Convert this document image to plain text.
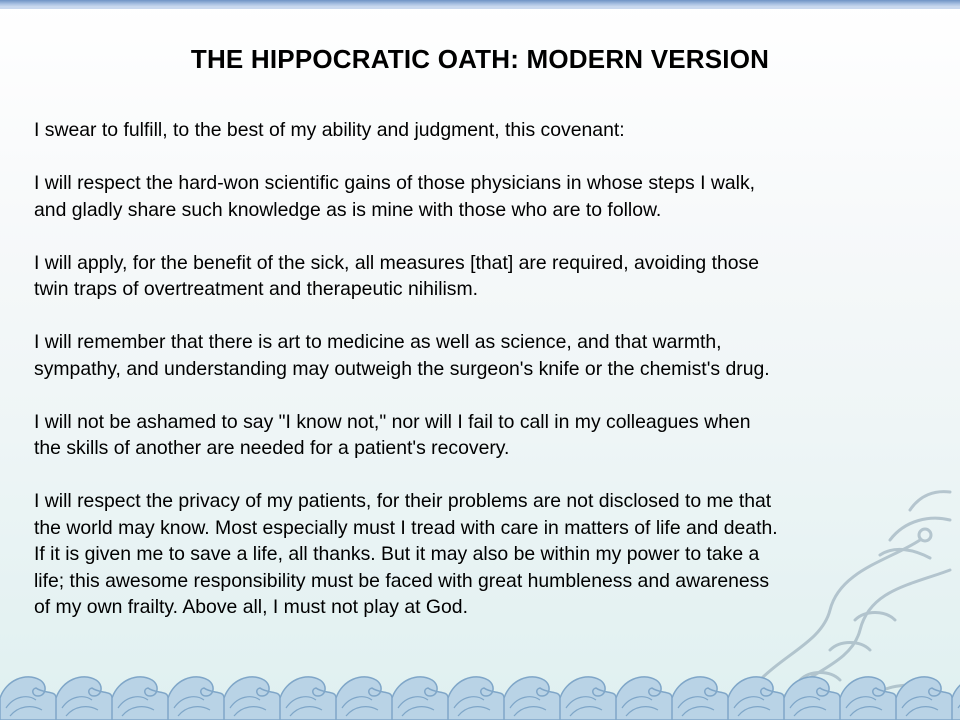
THE HIPPOCRATIC OATH: MODERN VERSION

I swear to fulfill, to the best of my ability and judgment, this covenant:

I will respect the hard-won scientific gains of those physicians in whose steps I walk,
and gladly share such knowledge as is mine with those who are to follow.

I will apply, for the benefit of the sick, all measures [that] are required, avoiding those
twin traps of overtreatment and therapeutic nihilism.

I will remember that there is art to medicine as well as science, and that warmth,
sympathy, and understanding may outweigh the surgeon's knife or the chemist's drug.

I will not be ashamed to say "I know not," nor will I fail to call in my colleagues when
the skills of another are needed for a patient's recovery.

I will respect the privacy of my patients, for their problems are not disclosed to me that
the world may know. Most especially must I tread with care in matters of life and death.
If it is given me to save a life, all thanks. But it may also be within my power to take a
life; this awesome responsibility must be faced with great humbleness and awareness
of my own frailty. Above all, I must not play at God.
